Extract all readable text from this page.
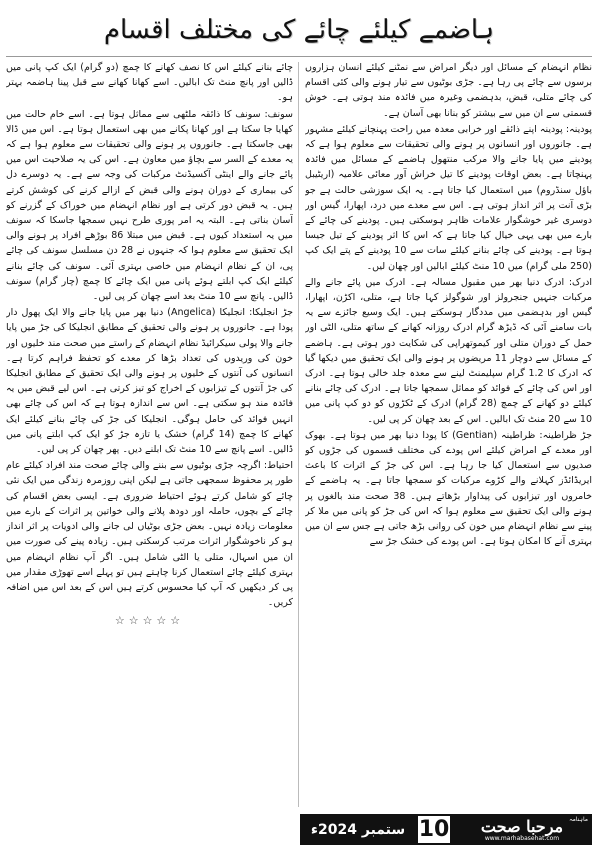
ہاضمے کیلئے چائے کی مختلف اقسام

نظام انہضام کے مسائل اور دیگر امراض سے نمٹنے کیلئے انسان ہزاروں برسوں سے چائے پی رہا ہے۔ جڑی بوٹیوں سے تیار ہونے والی کئی اقسام کی چائے متلی، قبض، بدہضمی وغیرہ میں فائدہ مند ہوتی ہے۔ خوش قسمتی سے ان میں سے بیشتر کو بنانا بھی آسان ہے۔

پودینہ: پودینہ اپنے ذائقے اور خرابی معدہ میں راحت پہنچانے کیلئے مشہور ہے۔ جانوروں اور انسانوں پر ہونے والی تحقیقات سے معلوم ہوا ہے کہ پودینے میں پایا جانے والا مرکب منتھول ہاضمے کے مسائل میں فائدہ پہنچاتا ہے۔ بعض اوقات پودینے کا تیل خراش آور معائی علامیہ (اریٹیبل باؤل سنڈروم) میں استعمال کیا جاتا ہے۔ یہ ایک سوزشی حالت ہے جو بڑی آنت پر اثر انداز ہوتی ہے۔ اس سے معدے میں درد، اپھارا، گیس اور دوسری غیر خوشگوار علامات ظاہر ہوسکتی ہیں۔ پودینے کی چائے کے بارے میں بھی یہی خیال کیا جاتا ہے کہ اس کا اثر پودینے کے تیل جیسا ہوتا ہے۔ پودینے کی چائے بنانے کیلئے سات سے 10 پودینے کے پتے ایک کپ (250 ملی گرام) میں 10 منٹ کیلئے ابالیں اور چھان لیں۔

ادرک: ادرک دنیا بھر میں مقبول مسالہ ہے۔ ادرک میں پائے جانے والے مرکبات جنہیں جنجرولز اور شوگولز کہا جاتا ہے، متلی، اکڑن، اپھارا، گیس اور بدہضمی میں مددگار ہوسکتے ہیں۔ ایک وسیع جائزے سے یہ بات سامنے آئی کہ ڈیڑھ گرام ادرک روزانہ کھانے کے ساتھ متلی، الٹی اور حمل کے دوران متلی اور کیموتھراپی کی شکایت دور ہوتی ہے۔ ہاضمے کے مسائل سے دوچار 11 مریضوں پر ہونے والی ایک تحقیق میں دیکھا گیا کہ ادرک کا 1.2 گرام سپلیمنٹ لینے سے معدہ جلد خالی ہوتا ہے۔ ادرک اور اس کی چائے کے فوائد کو مماثل سمجھا جاتا ہے۔ ادرک کی چائے بنانے کیلئے دو کھانے کے چمچ (28 گرام) ادرک کے ٹکڑوں کو دو کپ پانی میں 10 سے 20 منٹ تک ابالیں۔ اس کے بعد چھان کر پی لیں۔

جڑ ظراطینہ: ظراطینہ (Gentian) کا پودا دنیا بھر میں ہوتا ہے۔ بھوک اور معدے کے امراض کیلئے اس پودے کی مختلف قسموں کی جڑوں کو صدیوں سے استعمال کیا جا رہا ہے۔ اس کی جڑ کے اثرات کا باعث ایریڈائڈز کہلانے والے کڑوے مرکبات کو سمجھا جاتا ہے۔ یہ ہاضمے کے خامروں اور تیزابوں کی پیداوار بڑھاتے ہیں۔ 38 صحت مند بالغوں پر ہونے والی ایک تحقیق سے معلوم ہوا کہ اس کی جڑ کو پانی میں ملا کر پینے سے نظام انہضام میں خون کی روانی بڑھ جاتی ہے جس سے ان میں بہتری آنے کا امکان ہوتا ہے۔ اس پودے کی خشک جڑ سے

چائے بنانے کیلئے اس کا نصف کھانے کا چمچ (دو گرام) ایک کپ پانی میں ڈالیں اور پانچ منٹ تک ابالیں۔ اسے کھانا کھانے سے قبل پینا ہاضمہ بہتر ہو۔

سونف: سونف کا ذائقہ ملٹھی سے مماثل ہوتا ہے۔ اسے خام حالت میں کھایا جا سکتا ہے اور کھانا پکانے میں بھی استعمال ہوتا ہے۔ اس میں ڈالا بھی جاسکتا ہے۔ جانوروں پر ہونے والی تحقیقات سے معلوم ہوا ہے کہ یہ معدے کے السر سے بچاؤ میں معاون ہے۔ اس کی یہ صلاحیت اس میں پائے جانے والے اینٹی آکسیڈنٹ مرکبات کی وجہ سے ہے۔ یہ دوسرے دل کی بیماری کے دوران ہونے والی قبض کے ازالے کرنے کی کوشش کرتے ہیں۔ یہ قبض دور کرتی ہے اور نظام انہضام میں خوراک کے گزرنے کو آسان بناتی ہے۔ البتہ یہ امر پوری طرح نہیں سمجھا جاسکا کہ سونف میں یہ استعداد کیوں ہے۔ قبض میں مبتلا 86 بوڑھے افراد پر ہونے والی ایک تحقیق سے معلوم ہوا کہ جنہوں نے 28 دن مسلسل سونف کی چائے پی، ان کے نظام انہضام میں خاصی بہتری آئی۔ سونف کی چائے بنانے کیلئے ایک کپ ابلتے ہوئے پانی میں ایک چائے کا چمچ (چار گرام) سونف ڈالیں۔ پانچ سے 10 منٹ بعد اسے چھان کر پی لیں۔

جڑ انجلیکا: انجلیکا (Angelica) دنیا بھر میں پایا جانے والا ایک پھول دار پودا ہے۔ جانوروں پر ہونے والی تحقیق کے مطابق انجلیکا کی جڑ میں پایا جانے والا پولی سیکرائیڈ نظام انہضام کے راستے میں صحت مند خلیوں اور خون کی وریدوں کی تعداد بڑھا کر معدے کو تحفظ فراہم کرتا ہے۔ انسانوں کی آنتوں کے خلیوں پر ہونے والی ایک تحقیق کے مطابق انجلیکا کی جڑ آنتوں کے تیزابوں کے اخراج کو تیز کرتی ہے۔ اس لیے قبض میں یہ فائدہ مند ہو سکتی ہے۔ اس سے اندازہ ہوتا ہے کہ اس کی چائے بھی انہیں فوائد کی حامل ہوگی۔ انجلیکا کی جڑ کی چائے بنانے کیلئے ایک کھانے کا چمچ (14 گرام) خشک یا تازہ جڑ کو ایک کپ ابلتے پانی میں ڈالیں۔ اسے پانچ سے 10 منٹ تک ابلنے دیں۔ پھر چھان کر پی لیں۔

احتیاط: اگرچہ جڑی بوٹیوں سے بننے والی چائے صحت مند افراد کیلئے عام طور پر محفوظ سمجھی جاتی ہے لیکن اپنی روزمرہ زندگی میں ایک نئی چائے کو شامل کرتے ہوئے احتیاط ضروری ہے۔ ایسی بعض اقسام کی چائے کے بچوں، حاملہ اور دودھ پلانے والی خواتین پر اثرات کے بارے میں معلومات زیادہ نہیں۔ بعض جڑی بوٹیاں لی جانے والی ادویات پر اثر انداز ہو کر ناخوشگوار اثرات مرتب کرسکتی ہیں۔ زیادہ پینے کی صورت میں ان میں اسہال، متلی یا الٹی شامل ہیں۔ اگر آپ نظام انہضام میں بہتری کیلئے چائے استعمال کرنا چاہتے ہیں تو پہلے اسے تھوڑی مقدار میں پی کر دیکھیں کہ آپ کیا محسوس کرتے ہیں اس کے بعد اس میں اضافہ کریں۔

☆☆☆☆☆
ستمبر 2024ء 10	ماہنامہ
مرحبا صحت
www.marhabasehat.com
